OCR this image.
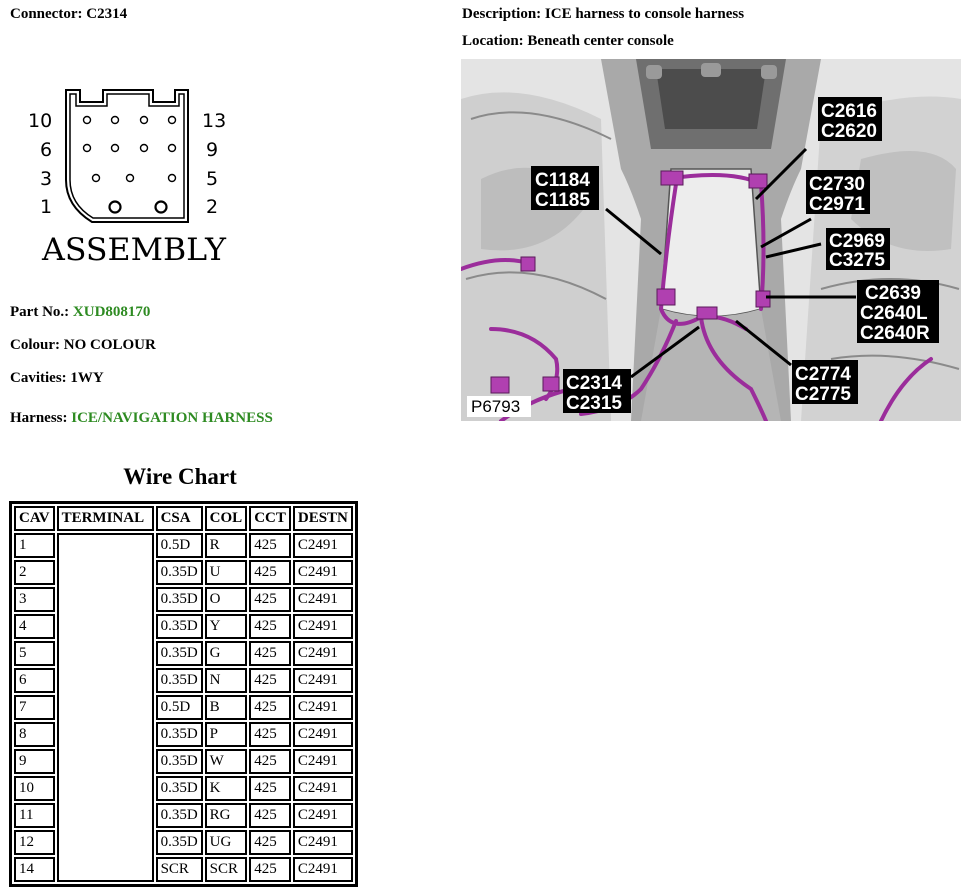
Connector: C2314	Description: ICE harness to console harness
Location: Beneath center console
10	13
6	9
3	5
1	2
ASSEMBLY
C2616
C2620
C1184
C1185
C2730
C2971
C2969
C3275
C2639
C2640L
C2640R
C2774
C2775
C2314
C2315
P6793
Part No.: XUD808170
Colour: NO COLOUR
Cavities: 1WY
Harness: ICE/NAVIGATION HARNESS
Wire Chart
CAV	TERMINAL	CSA	COL	CCT	DESTN
1		0.5D	R	425	C2491
2		0.35D	U	425	C2491
3		0.35D	O	425	C2491
4		0.35D	Y	425	C2491
5		0.35D	G	425	C2491
6		0.35D	N	425	C2491
7		0.5D	B	425	C2491
8		0.35D	P	425	C2491
9		0.35D	W	425	C2491
10		0.35D	K	425	C2491
11		0.35D	RG	425	C2491
12		0.35D	UG	425	C2491
14		SCR	SCR	425	C2491
